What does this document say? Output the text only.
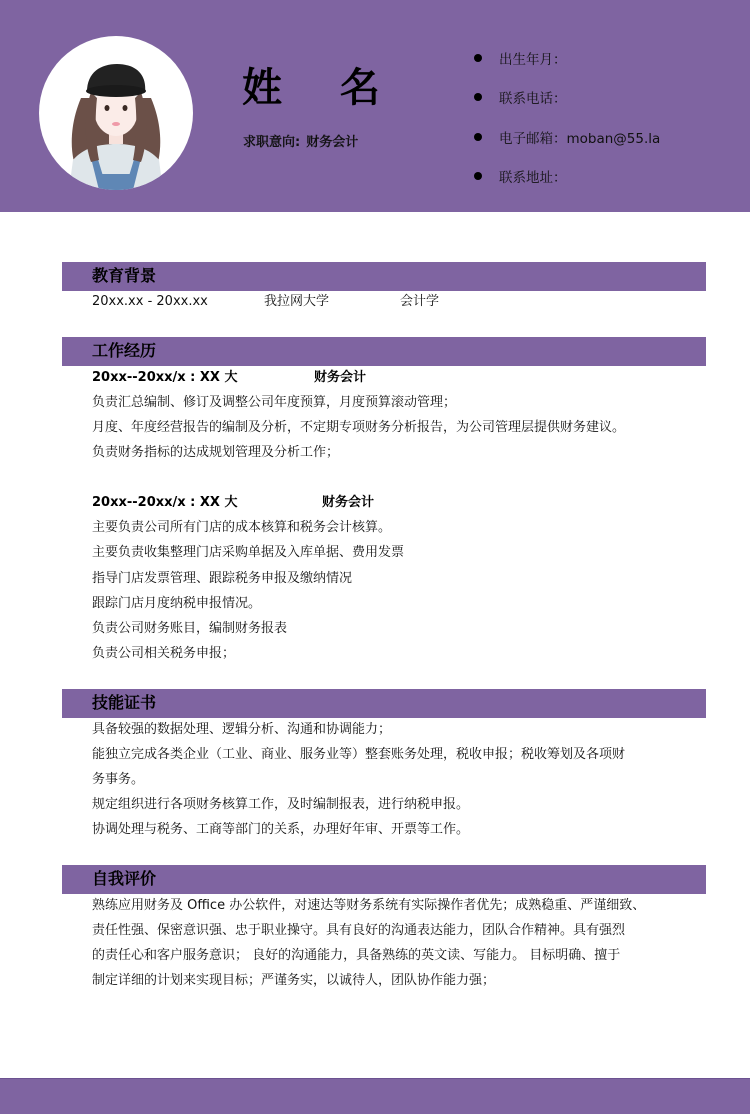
姓 名
求职意向: 财务会计
出生年月：
联系电话：
电子邮箱：moban@55.la
联系地址：
教育背景
20xx.xx - 20xx.xx	我拉网大学	会计学
工作经历
20xx--20xx/x : XX 大	财务会计
负责汇总编制、修订及调整公司年度预算，月度预算滚动管理；
月度、年度经营报告的编制及分析，不定期专项财务分析报告，为公司管理层提供财务建议。
负责财务指标的达成规划管理及分析工作；
20xx--20xx/x : XX 大	财务会计
主要负责公司所有门店的成本核算和税务会计核算。
主要负责收集整理门店采购单据及入库单据、费用发票
指导门店发票管理、跟踪税务申报及缴纳情况
跟踪门店月度纳税申报情况。
负责公司财务账目，编制财务报表
负责公司相关税务申报；
技能证书
具备较强的数据处理、逻辑分析、沟通和协调能力；
能独立完成各类企业（工业、商业、服务业等）整套账务处理，税收申报；税收筹划及各项财
务事务。
规定组织进行各项财务核算工作，及时编制报表，进行纳税申报。
协调处理与税务、工商等部门的关系，办理好年审、开票等工作。
自我评价
熟练应用财务及 Office 办公软件，对速达等财务系统有实际操作者优先；成熟稳重、严谨细致、
责任性强、保密意识强、忠于职业操守。具有良好的沟通表达能力，团队合作精神。具有强烈
的责任心和客户服务意识； 良好的沟通能力，具备熟练的英文读、写能力。 目标明确、擅于
制定详细的计划来实现目标；严谨务实，以诚待人，团队协作能力强；
